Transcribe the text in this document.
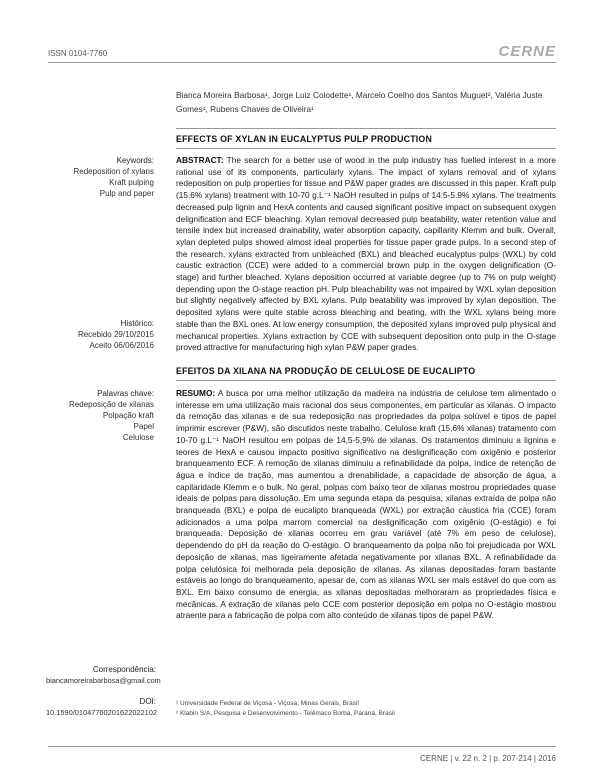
ISSN 0104-7760	CERNE
Bianca Moreira Barbosa¹, Jorge Luiz Colodette¹, Marcelo Coelho dos Santos Muguet², Valéria Juste Gomes¹, Rubens Chaves de Oliveira¹
EFFECTS OF XYLAN IN EUCALYPTUS PULP PRODUCTION
ABSTRACT: The search for a better use of wood in the pulp industry has fuelled interest in a more rational use of its components, particularly xylans. The impact of xylans removal and of xylans redeposition on pulp properties for tissue and P&W paper grades are discussed in this paper. Kraft pulp (15.6% xylans) treatment with 10-70 g.L⁻¹ NaOH resulted in pulps of 14.5-5.9% xylans. The treatments decreased pulp lignin and HexA contents and caused significant positive impact on subsequent oxygen delignification and ECF bleaching. Xylan removal decreased pulp beatability, water retention value and tensile index but increased drainability, water absorption capacity, capillarity Klemm and bulk. Overall, xylan depleted pulps showed almost ideal properties for tissue paper grade pulps. In a second step of the research, xylans extracted from unbleached (BXL) and bleached eucalyptus pulps (WXL) by cold caustic extraction (CCE) were added to a commercial brown pulp in the oxygen delignification (O-stage) and further bleached. Xylans deposition occurred at variable degree (up to 7% on pulp weight) depending upon the O-stage reaction pH. Pulp bleachability was not impaired by WXL xylan deposition but slightly negatively affected by BXL xylans. Pulp beatability was improved by xylan deposition. The deposited xylans were quite stable across bleaching and beating, with the WXL xylans being more stable than the BXL ones. At low energy consumption, the deposited xylans improved pulp physical and mechanical properties. Xylans extraction by CCE with subsequent deposition onto pulp in the O-stage proved attractive for manufacturing high xylan P&W paper grades.
EFEITOS DA XILANA NA PRODUÇÃO DE CELULOSE DE EUCALIPTO
RESUMO: A busca por uma melhor utilização da madeira na indústria de celulose tem alimentado o interesse em uma utilização mais racional dos seus componentes, em particular as xilanas. O impacto da remoção das xilanas e de sua redeposição nas propriedades da polpa solúvel e tipos de papel imprimir escrever (P&W), são discutidos neste trabalho. Celulose kraft (15,6% xilanas) tratamento com 10-70 g.L⁻¹ NaOH resultou em polpas de 14,5-5,9% de xilanas. Os tratamentos diminuiu a lignina e teores de HexA e causou impacto positivo significativo na deslignificação com oxigênio e posterior branqueamento ECF. A remoção de xilanas diminuiu a refinabilidade da polpa, índice de retenção de água e índice de tração, mas aumentou a drenabilidade, a capacidade de absorção de água, a capilaridade Klemm e o bulk. No geral, polpas com baixo teor de xilanas mostrou propriedades quase ideais de polpas para dissolução. Em uma segunda etapa da pesquisa, xilanas extraída de polpa não branqueada (BXL) e polpa de eucalipto branqueada (WXL) por extração cáustica fria (CCE) foram adicionados a uma polpa marrom comercial na deslignificação com oxigênio (O-estágio) e foi branqueada. Deposição de xilanas ocorreu em grau variável (até 7% em peso de celulose), dependendo do pH da reação do O-estágio. O branqueamento da polpa não foi prejudicada por WXL deposição de xilanas, mas ligeiramente afetada negativamente por xilanas BXL. A refinabilidade da polpa celulósica foi melhorada pela deposição de xilanas. As xilanas depositadas foram bastante estáveis ao longo do branqueamento, apesar de, com as xilanas WXL ser mais estável do que com as BXL. Em baixo consumo de energia, as xilanas depositadas melhoraram as propriedades física e mecânicas. A extração de xilanas pelo CCE com posterior deposição em polpa no O-estágio mostrou atraente para a fabricação de polpa com alto conteúdo de xilanas tipos de papel P&W.
Keywords:
Redeposition of xylans
Kraft pulping
Pulp and paper
Histórico:
Recebido 29/10/2015
Aceito 06/06/2016
Palavras chave:
Redeposição de xilanas
Polpação kraft
Papel
Celulose
Correspondência:
biancamoreirabarbosa@gmail.com
DOI:
10.1590/01047760201622022102
¹ Universidade Federal de Viçosa - Viçosa, Minas Gerais, Brasil
² Klabin S/A, Pesquisa e Desenvolvimento - Telêmaco Borba, Paraná, Brasil
CERNE | v. 22 n. 2 | p. 207-214 | 2016
